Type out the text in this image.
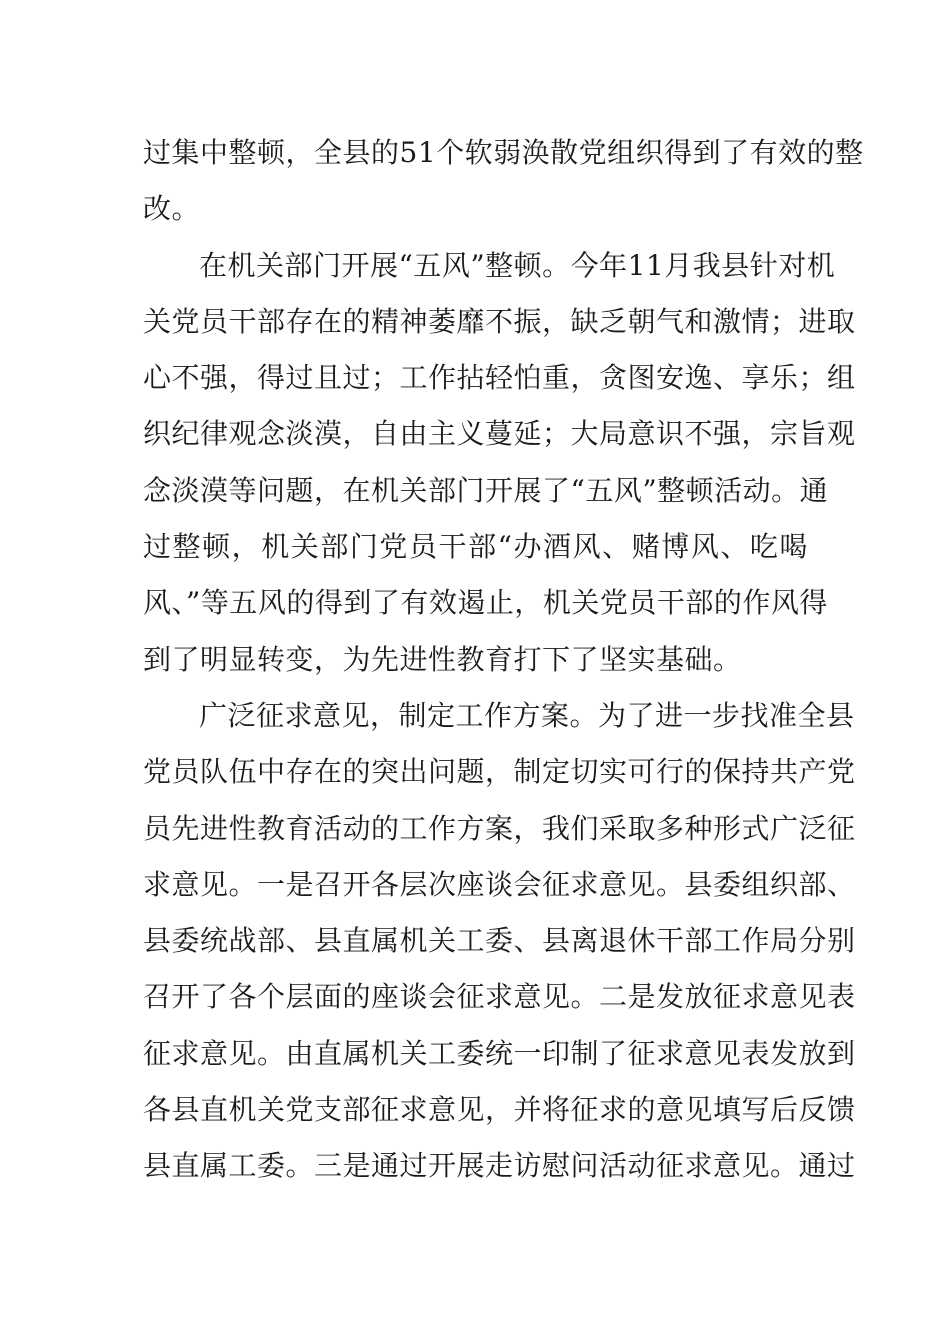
过集中整顿，全县的51个软弱涣散党组织得到了有效的整
改。
在机关部门开展“五风”整顿。今年11月我县针对机
关党员干部存在的精神萎靡不振，缺乏朝气和激情；进取
心不强，得过且过；工作拈轻怕重，贪图安逸、享乐；组
织纪律观念淡漠，自由主义蔓延；大局意识不强，宗旨观
念淡漠等问题，在机关部门开展了“五风”整顿活动。通
过整顿，机关部门党员干部“办酒风、赌博风、吃喝
风、”等五风的得到了有效遏止，机关党员干部的作风得
到了明显转变，为先进性教育打下了坚实基础。
广泛征求意见，制定工作方案。为了进一步找准全县
党员队伍中存在的突出问题，制定切实可行的保持共产党
员先进性教育活动的工作方案，我们采取多种形式广泛征
求意见。一是召开各层次座谈会征求意见。县委组织部、
县委统战部、县直属机关工委、县离退休干部工作局分别
召开了各个层面的座谈会征求意见。二是发放征求意见表
征求意见。由直属机关工委统一印制了征求意见表发放到
各县直机关党支部征求意见，并将征求的意见填写后反馈
县直属工委。三是通过开展走访慰问活动征求意见。通过
